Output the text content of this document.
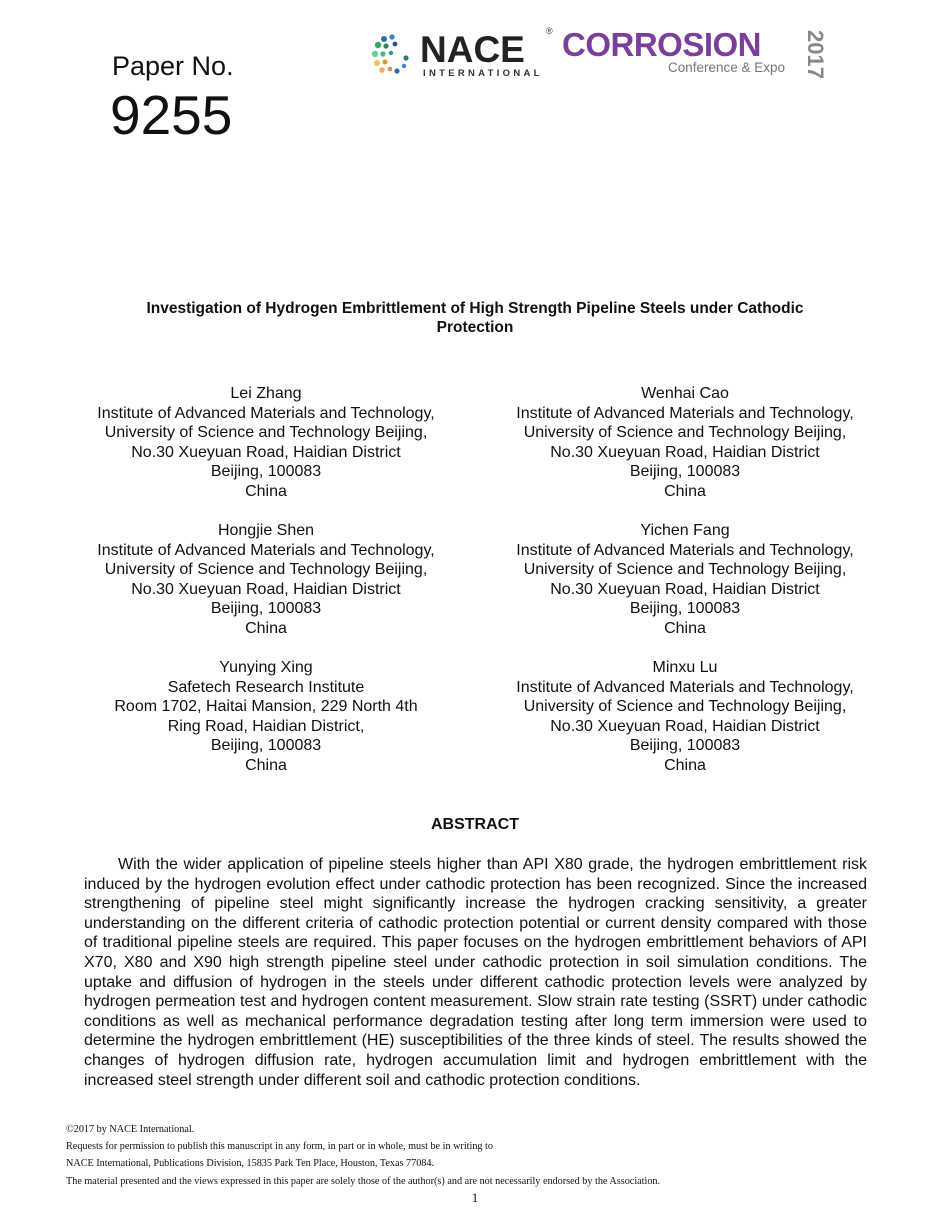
Paper No.
9255
NACE ®
INTERNATIONAL
CORROSION
Conference & Expo 2017
Investigation of Hydrogen Embrittlement of High Strength Pipeline Steels under Cathodic
Protection
Lei Zhang
Institute of Advanced Materials and Technology,
University of Science and Technology Beijing,
No.30 Xueyuan Road, Haidian District
Beijing, 100083
China
Wenhai Cao
Institute of Advanced Materials and Technology,
University of Science and Technology Beijing,
No.30 Xueyuan Road, Haidian District
Beijing, 100083
China
Hongjie Shen
Institute of Advanced Materials and Technology,
University of Science and Technology Beijing,
No.30 Xueyuan Road, Haidian District
Beijing, 100083
China
Yichen Fang
Institute of Advanced Materials and Technology,
University of Science and Technology Beijing,
No.30 Xueyuan Road, Haidian District
Beijing, 100083
China
Yunying Xing
Safetech Research Institute
Room 1702, Haitai Mansion, 229 North 4th
Ring Road, Haidian District,
Beijing, 100083
China
Minxu Lu
Institute of Advanced Materials and Technology,
University of Science and Technology Beijing,
No.30 Xueyuan Road, Haidian District
Beijing, 100083
China
ABSTRACT
With the wider application of pipeline steels higher than API X80 grade, the hydrogen embrittlement risk induced by the hydrogen evolution effect under cathodic protection has been recognized. Since the increased strengthening of pipeline steel might significantly increase the hydrogen cracking sensitivity, a greater understanding on the different criteria of cathodic protection potential or current density compared with those of traditional pipeline steels are required. This paper focuses on the hydrogen embrittlement behaviors of API X70, X80 and X90 high strength pipeline steel under cathodic protection in soil simulation conditions. The uptake and diffusion of hydrogen in the steels under different cathodic protection levels were analyzed by hydrogen permeation test and hydrogen content measurement. Slow strain rate testing (SSRT) under cathodic conditions as well as mechanical performance degradation testing after long term immersion were used to determine the hydrogen embrittlement (HE) susceptibilities of the three kinds of steel. The results showed the changes of hydrogen diffusion rate, hydrogen accumulation limit and hydrogen embrittlement with the increased steel strength under different soil and cathodic protection conditions.
©2017 by NACE International.
Requests for permission to publish this manuscript in any form, in part or in whole, must be in writing to
NACE International, Publications Division, 15835 Park Ten Place, Houston, Texas 77084.
The material presented and the views expressed in this paper are solely those of the author(s) and are not necessarily endorsed by the Association.
1
